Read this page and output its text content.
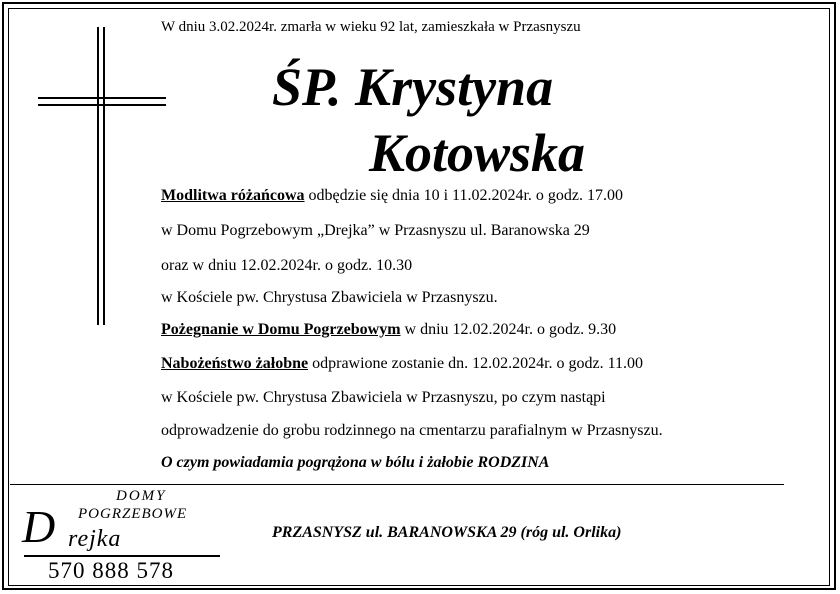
W dniu 3.02.2024r. zmarła w wieku 92 lat, zamieszkała w Przasnyszu
ŚP. Krystyna
Kotowska
Modlitwa różańcowa odbędzie się dnia 10 i 11.02.2024r. o godz. 17.00
w Domu Pogrzebowym „Drejka” w Przasnyszu ul. Baranowska 29
oraz w dniu 12.02.2024r. o godz. 10.30
w Kościele pw. Chrystusa Zbawiciela w Przasnyszu.
Pożegnanie w Domu Pogrzebowym w dniu 12.02.2024r. o godz. 9.30
Nabożeństwo żałobne odprawione zostanie dn. 12.02.2024r. o godz. 11.00
w Kościele pw. Chrystusa Zbawiciela w Przasnyszu, po czym nastąpi
odprowadzenie do grobu rodzinnego na cmentarzu parafialnym w Przasnyszu.
O czym powiadamia pogrążona w bólu i żałobie RODZINA
DOMY
POGRZEBOWE
D rejka
570 888 578
PRZASNYSZ ul. BARANOWSKA 29 (róg ul. Orlika)
